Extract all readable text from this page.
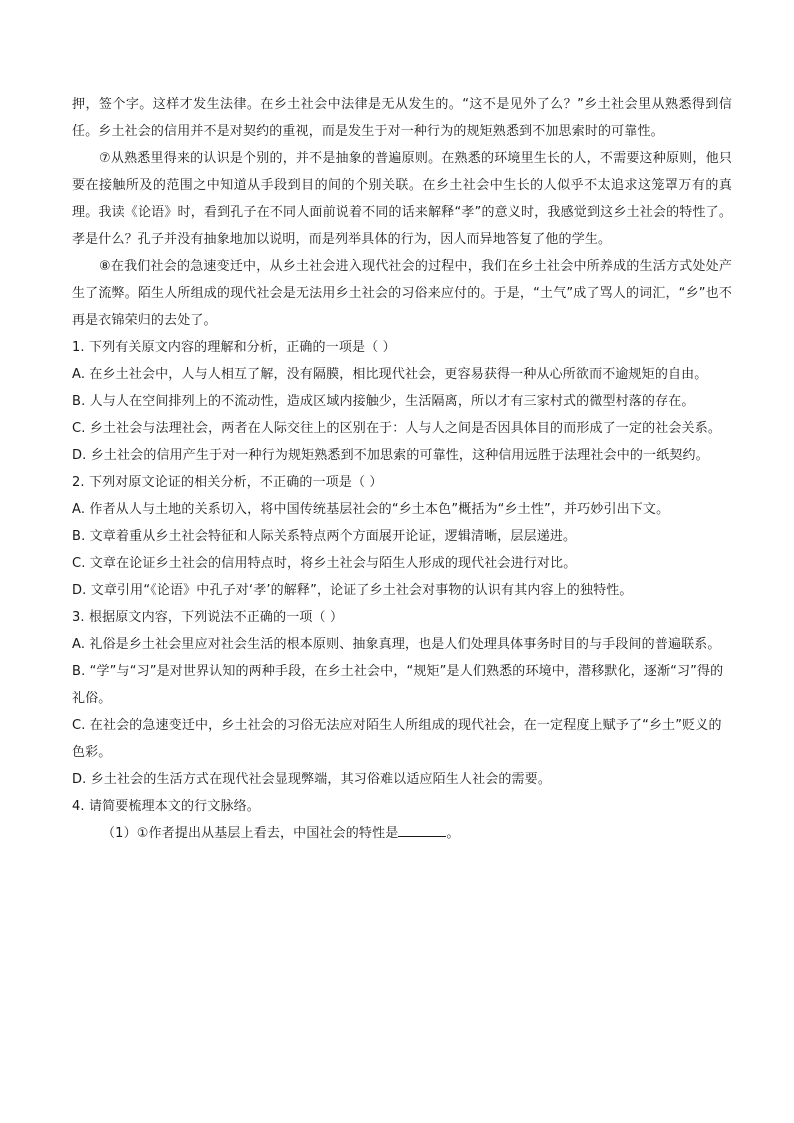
押，签个字。这样才发生法律。在乡土社会中法律是无从发生的。“这不是见外了么？”乡土社会里从熟悉得到信任。乡土社会的信用并不是对契约的重视，而是发生于对一种行为的规矩熟悉到不加思索时的可靠性。

⑦从熟悉里得来的认识是个别的，并不是抽象的普遍原则。在熟悉的环境里生长的人，不需要这种原则，他只要在接触所及的范围之中知道从手段到目的间的个别关联。在乡土社会中生长的人似乎不太追求这笼罩万有的真理。我读《论语》时，看到孔子在不同人面前说着不同的话来解释“孝”的意义时，我感觉到这乡土社会的特性了。孝是什么？孔子并没有抽象地加以说明，而是列举具体的行为，因人而异地答复了他的学生。

⑧在我们社会的急速变迁中，从乡土社会进入现代社会的过程中，我们在乡土社会中所养成的生活方式处处产生了流弊。陌生人所组成的现代社会是无法用乡土社会的习俗来应付的。于是，“土气”成了骂人的词汇，“乡”也不再是衣锦荣归的去处了。

1. 下列有关原文内容的理解和分析，正确的一项是（ ）

A. 在乡土社会中，人与人相互了解，没有隔膜，相比现代社会，更容易获得一种从心所欲而不逾规矩的自由。

B. 人与人在空间排列上的不流动性，造成区域内接触少，生活隔离，所以才有三家村式的微型村落的存在。

C. 乡土社会与法理社会，两者在人际交往上的区别在于：人与人之间是否因具体目的而形成了一定的社会关系。

D. 乡土社会的信用产生于对一种行为规矩熟悉到不加思索的可靠性，这种信用远胜于法理社会中的一纸契约。

2. 下列对原文论证的相关分析，不正确的一项是（ ）

A. 作者从人与土地的关系切入，将中国传统基层社会的“乡土本色”概括为“乡土性”，并巧妙引出下文。

B. 文章着重从乡土社会特征和人际关系特点两个方面展开论证，逻辑清晰，层层递进。

C. 文章在论证乡土社会的信用特点时，将乡土社会与陌生人形成的现代社会进行对比。

D. 文章引用“《论语》中孔子对‘孝’的解释”，论证了乡土社会对事物的认识有其内容上的独特性。

3. 根据原文内容，下列说法不正确的一项（ ）

A. 礼俗是乡土社会里应对社会生活的根本原则、抽象真理，也是人们处理具体事务时目的与手段间的普遍联系。

B. “学”与“习”是对世界认知的两种手段，在乡土社会中，“规矩”是人们熟悉的环境中，潜移默化，逐渐“习”得的礼俗。

C. 在社会的急速变迁中，乡土社会的习俗无法应对陌生人所组成的现代社会，在一定程度上赋予了“乡土”贬义的色彩。

D. 乡土社会的生活方式在现代社会显现弊端，其习俗难以适应陌生人社会的需要。

4. 请简要梳理本文的行文脉络。

（1）①作者提出从基层上看去，中国社会的特性是	。
